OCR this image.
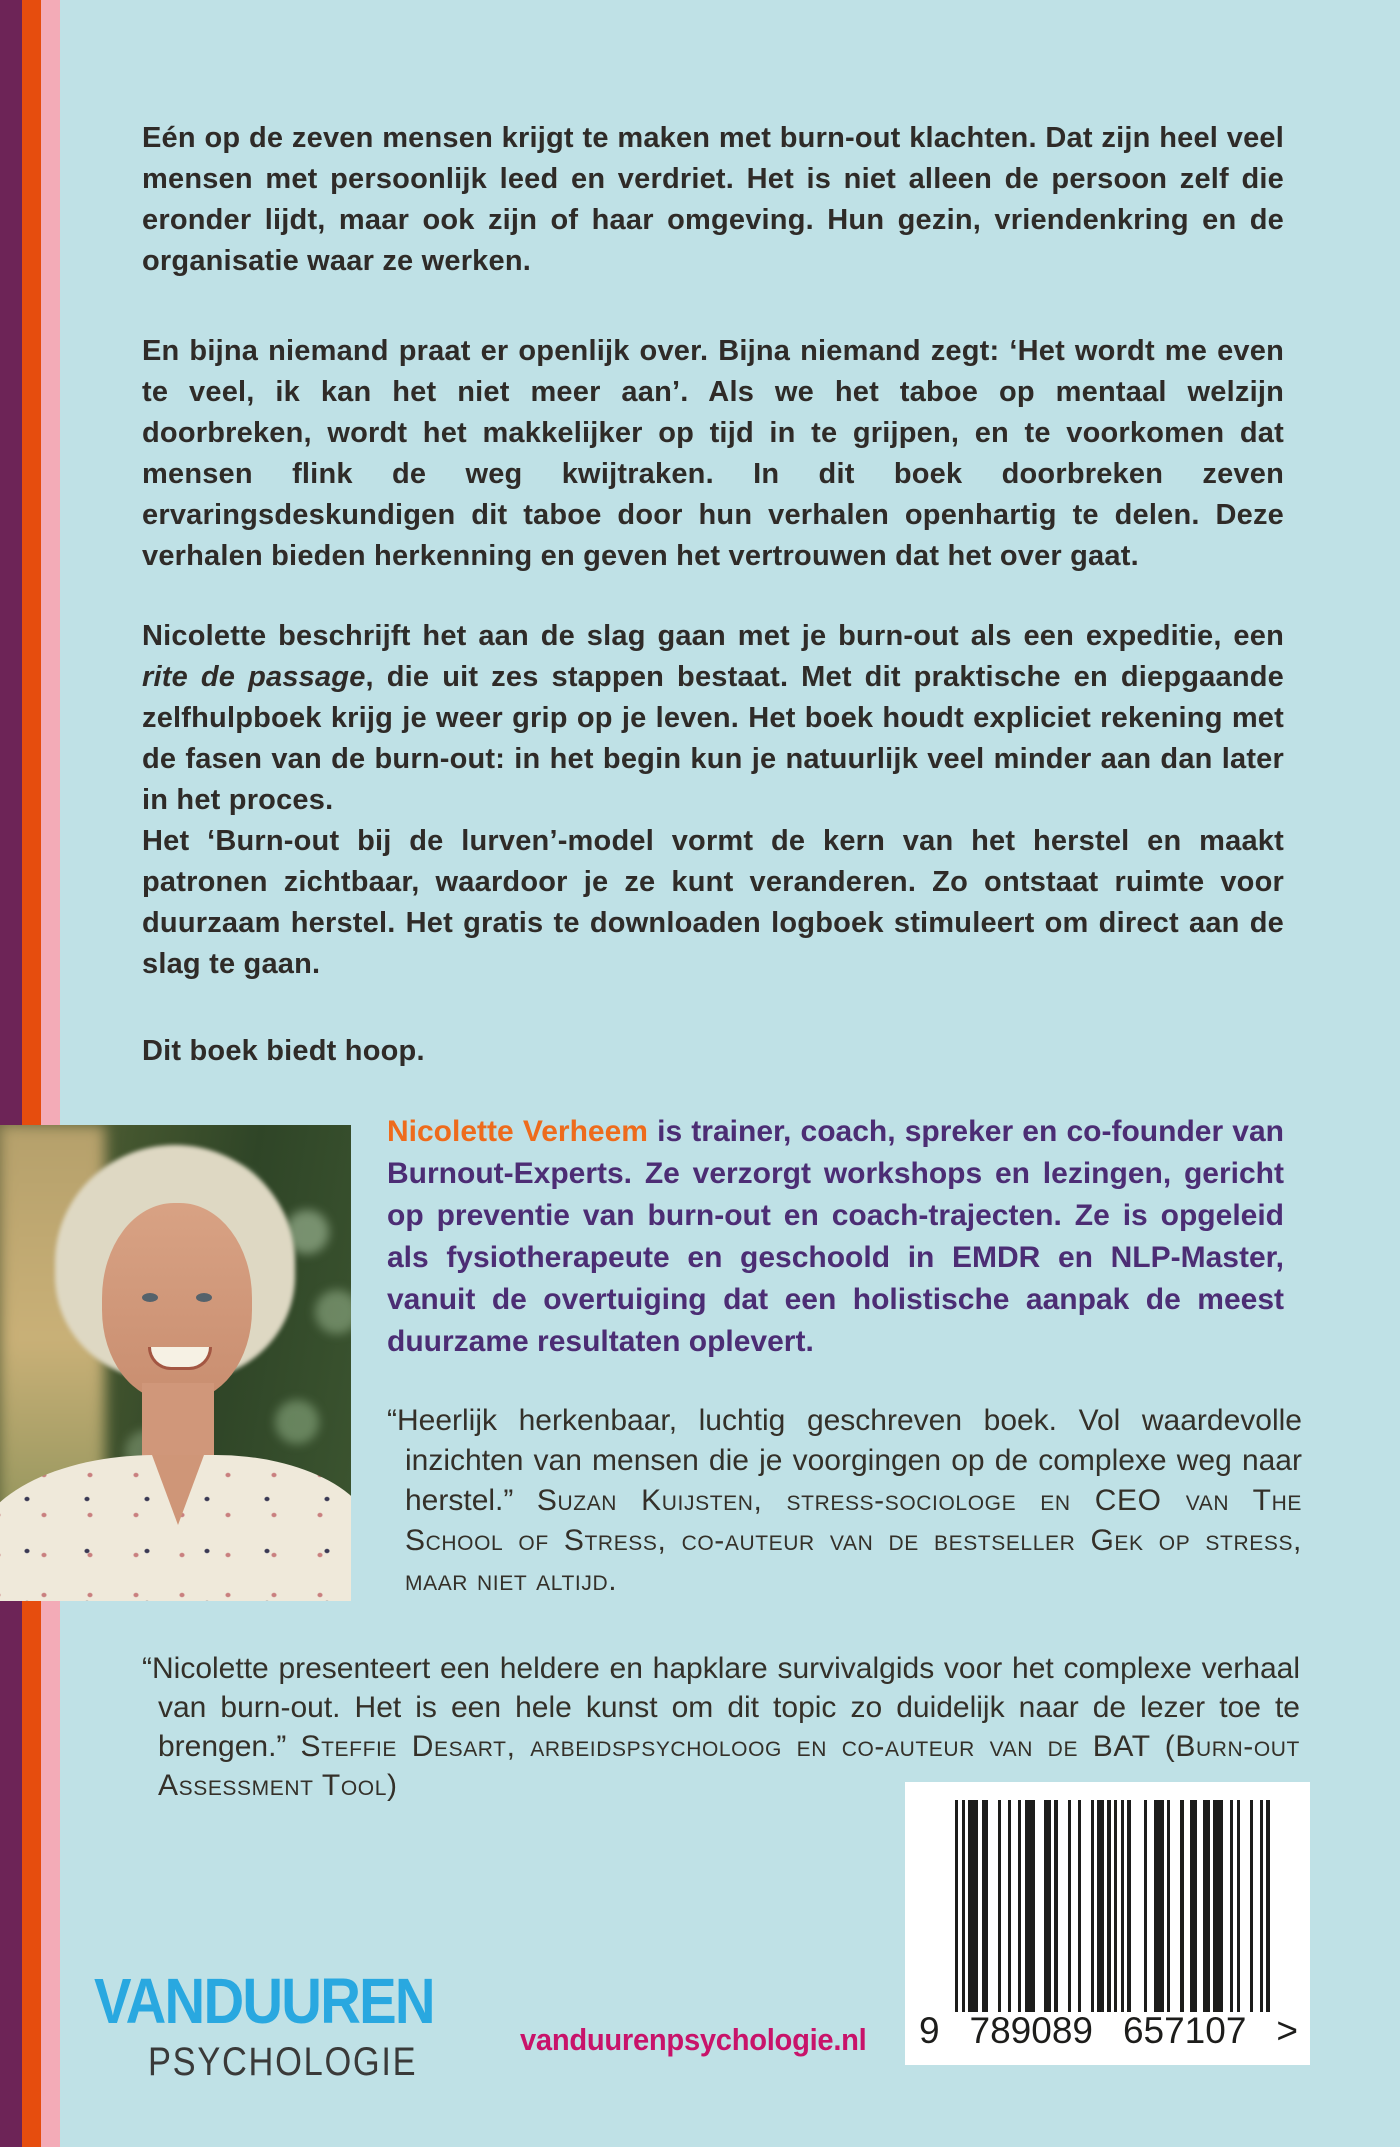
Eén op de zeven mensen krijgt te maken met burn-out klachten. Dat zijn heel veel mensen met persoonlijk leed en verdriet. Het is niet alleen de persoon zelf die eronder lijdt, maar ook zijn of haar omgeving. Hun gezin, vriendenkring en de organisatie waar ze werken.

En bijna niemand praat er openlijk over. Bijna niemand zegt: ‘Het wordt me even te veel, ik kan het niet meer aan’. Als we het taboe op mentaal welzijn doorbreken, wordt het makkelijker op tijd in te grijpen, en te voorkomen dat mensen flink de weg kwijtraken. In dit boek doorbreken zeven ervaringsdeskundigen dit taboe door hun verhalen openhartig te delen. Deze verhalen bieden herkenning en geven het vertrouwen dat het over gaat.

Nicolette beschrijft het aan de slag gaan met je burn-out als een expeditie, een rite de passage, die uit zes stappen bestaat. Met dit praktische en diepgaande zelfhulpboek krijg je weer grip op je leven. Het boek houdt expliciet rekening met de fasen van de burn-out: in het begin kun je natuurlijk veel minder aan dan later in het proces.

Het ‘Burn-out bij de lurven’-model vormt de kern van het herstel en maakt patronen zichtbaar, waardoor je ze kunt veranderen. Zo ontstaat ruimte voor duurzaam herstel. Het gratis te downloaden logboek stimuleert om direct aan de slag te gaan.

Dit boek biedt hoop.

Nicolette Verheem is trainer, coach, spreker en co-founder van Burnout-Experts. Ze verzorgt workshops en lezingen, gericht op preventie van burn-out en coach-trajecten. Ze is opgeleid als fysiotherapeute en geschoold in EMDR en NLP-Master, vanuit de overtuiging dat een holistische aanpak de meest duurzame resultaten oplevert.
“Heerlijk herkenbaar, luchtig geschreven boek. Vol waardevolle inzichten van mensen die je voorgingen op de complexe weg naar herstel.” Suzan Kuijsten, stress-sociologe en CEO van The School of Stress, co-auteur van de bestseller Gek op stress, maar niet altijd.
“Nicolette presenteert een heldere en hapklare survivalgids voor het complexe verhaal van burn-out. Het is een hele kunst om dit topic zo duidelijk naar de lezer toe te brengen.” Steffie Desart, arbeidspsycholoog en co-auteur van de BAT (Burn-out Assessment Tool)
VANDUUREN
PSYCHOLOGIE
vanduurenpsychologie.nl 9 789089 657107 >
